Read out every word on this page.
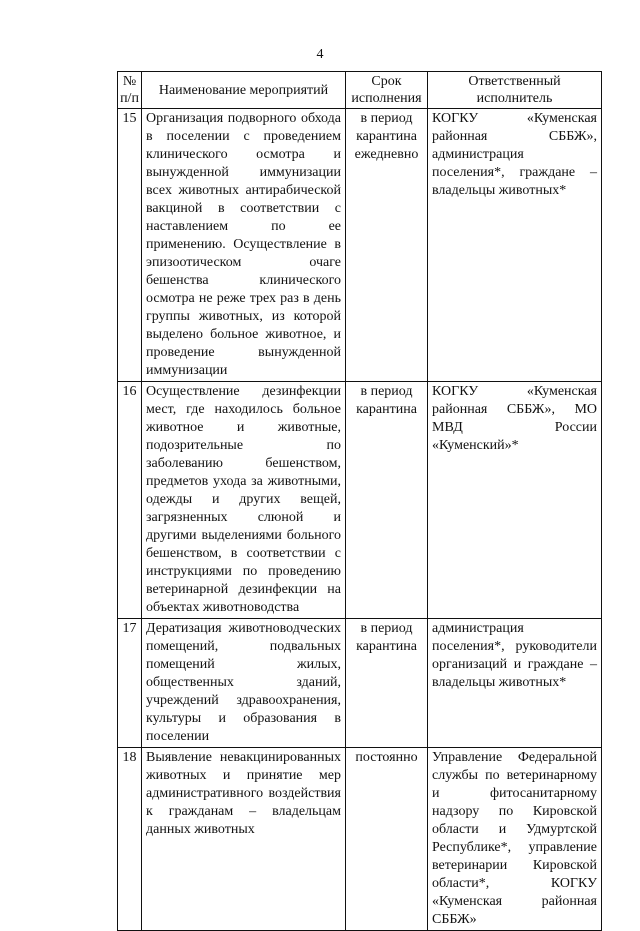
4
№ п/п	Наименование мероприятий	Срок исполнения	Ответственный исполнитель
15	Организация подворного обхода в поселении с проведением клинического осмотра и вынужденной иммунизации всех животных антирабической вакциной в соответствии с наставлением по ее применению. Осуществление в эпизоотическом очаге бешенства клинического осмотра не реже трех раз в день группы животных, из которой выделено больное животное, и проведение вынужденной иммунизации	в период карантина ежедневно	КОГКУ «Куменская районная СББЖ», администрация поселения*, граждане – владельцы животных*
16	Осуществление дезинфекции мест, где находилось больное животное и животные, подозрительные по заболеванию бешенством, предметов ухода за животными, одежды и других вещей, загрязненных слюной и другими выделениями больного бешенством, в соответствии с инструкциями по проведению ветеринарной дезинфекции на объектах животноводства	в период карантина	КОГКУ «Куменская районная СББЖ», МО МВД России «Куменский»*
17	Дератизация животноводческих помещений, подвальных помещений жилых, общественных зданий, учреждений здравоохранения, культуры и образования в поселении	в период карантина	администрация поселения*, руководители организаций и граждане – владельцы животных*
18	Выявление невакцинированных животных и принятие мер административного воздействия к гражданам – владельцам данных животных	постоянно	Управление Федеральной службы по ветеринарному и фитосанитарному надзору по Кировской области и Удмуртской Республике*, управление ветеринарии Кировской области*, КОГКУ «Куменская районная СББЖ»
